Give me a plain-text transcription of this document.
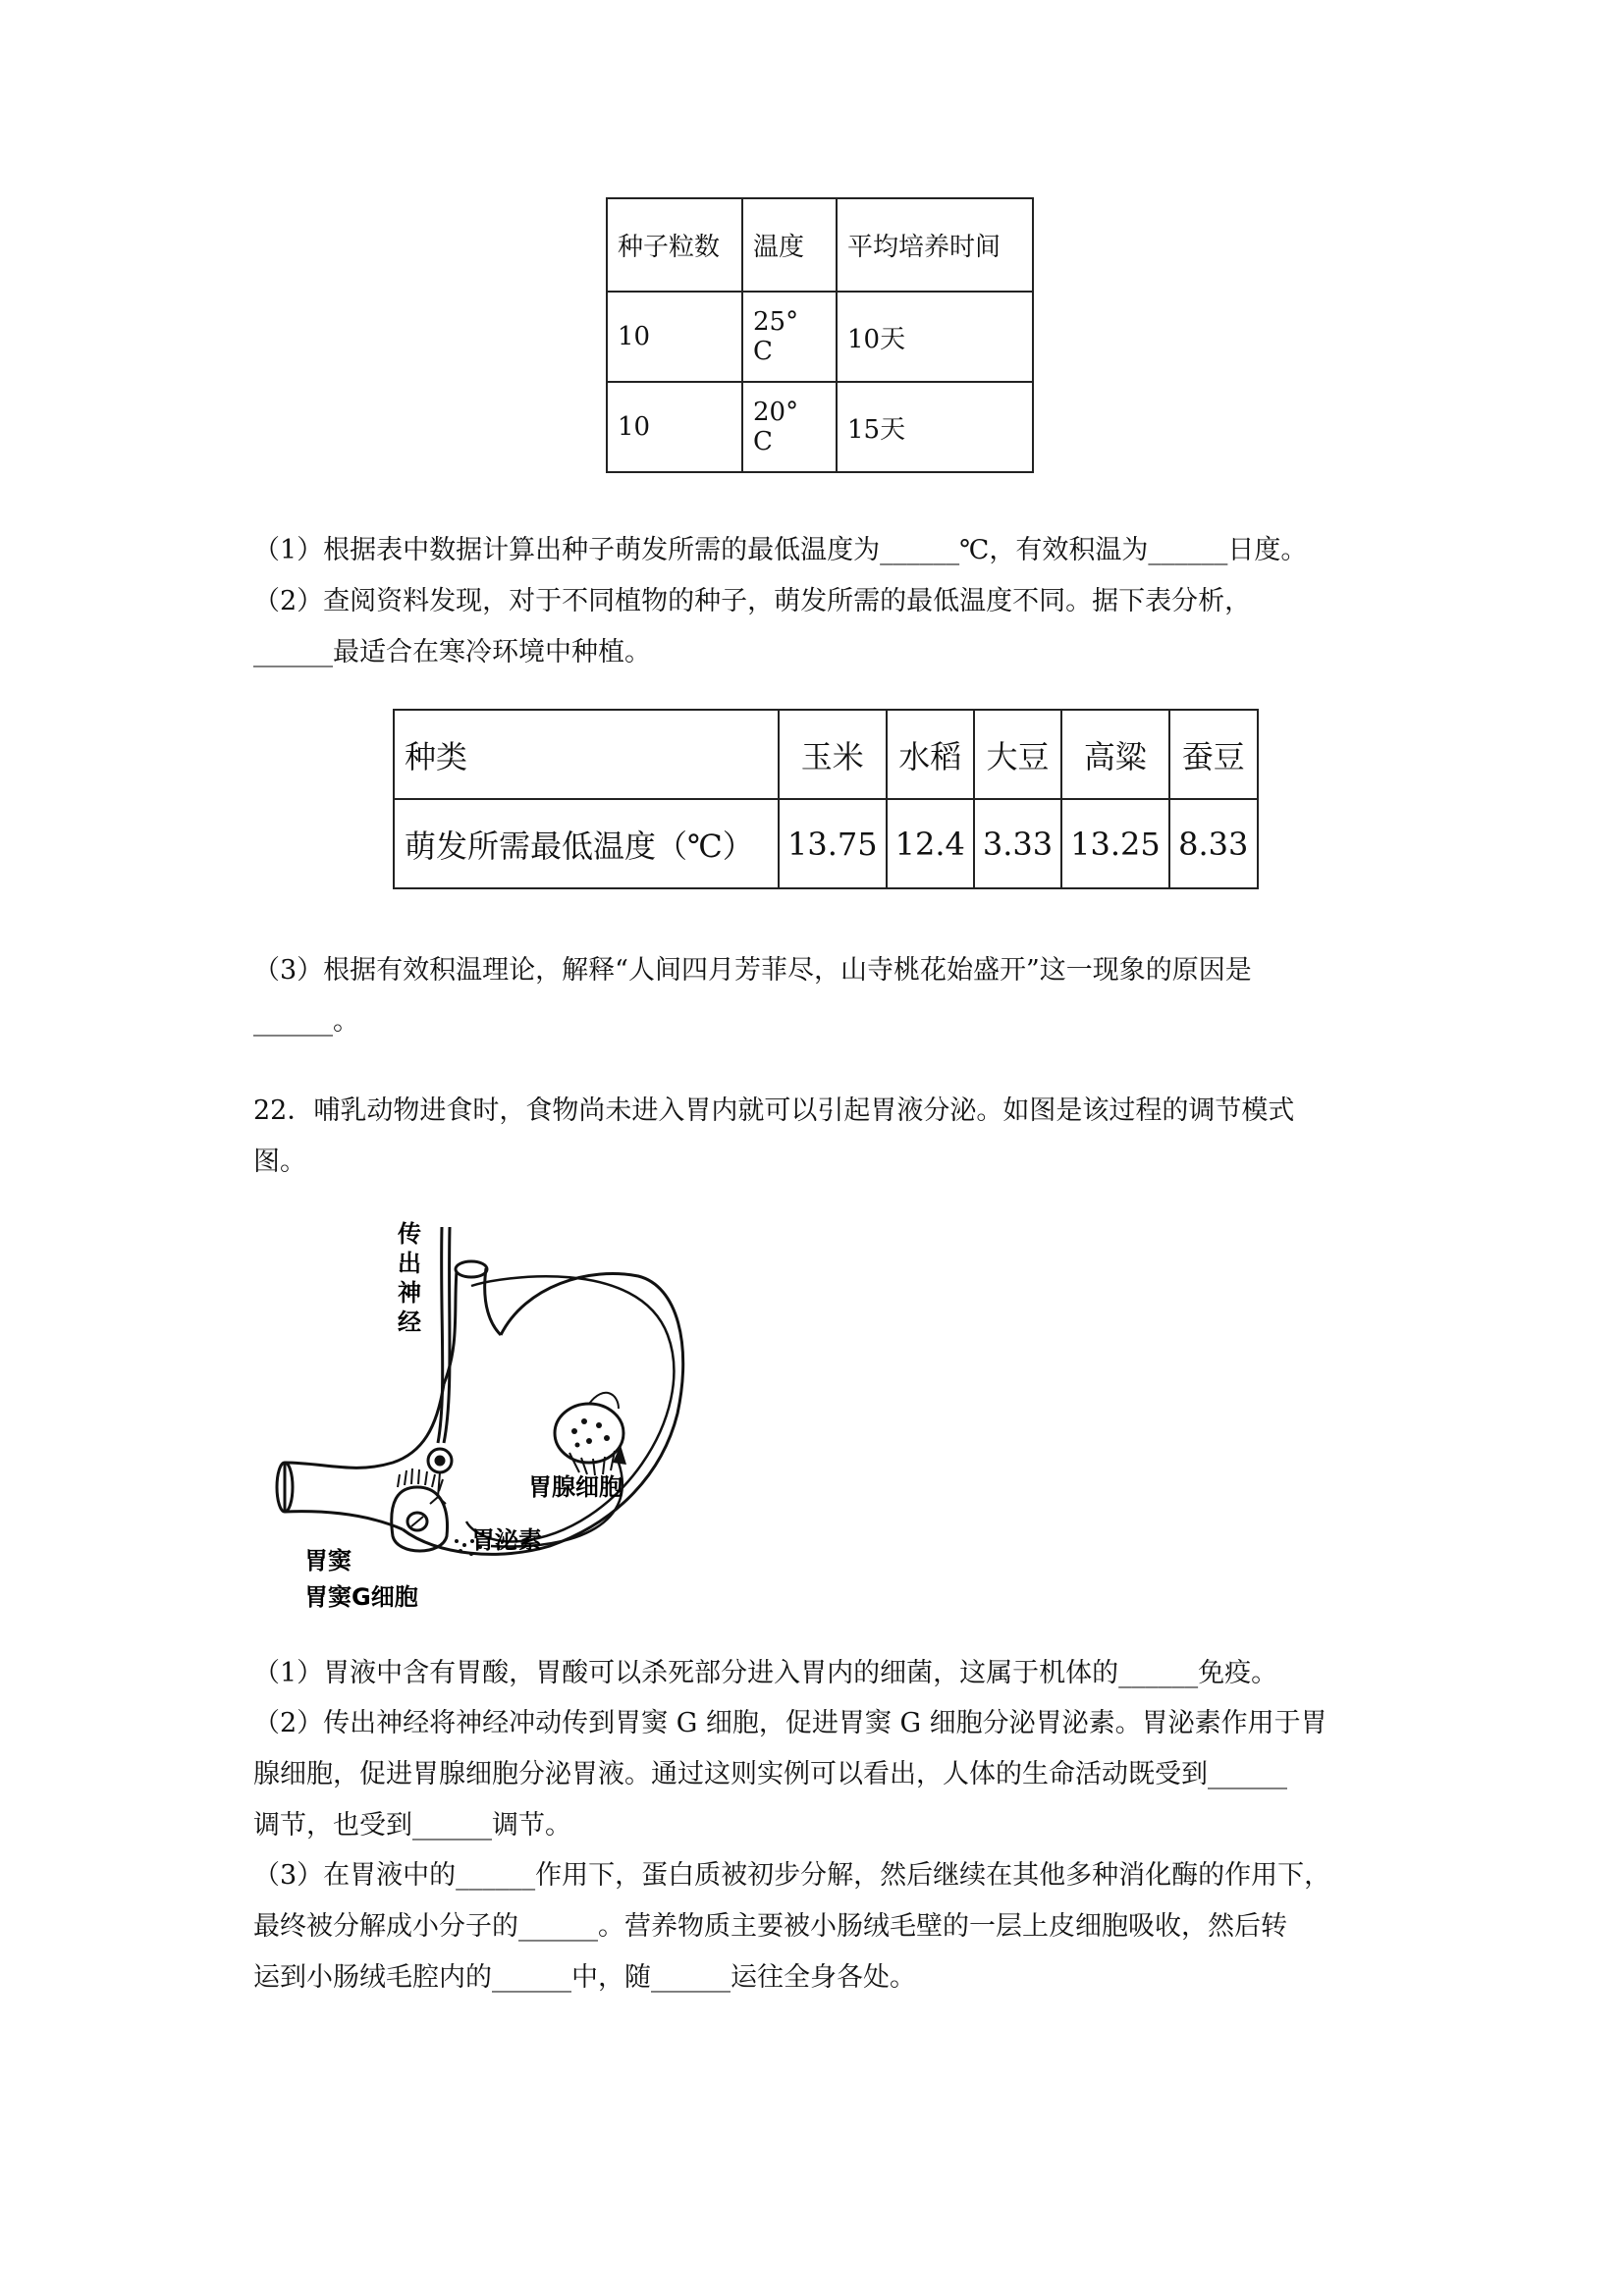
种子粒数	温度	平均培养时间
10	25° C	10天
10	20° C	15天
（1）根据表中数据计算出种子萌发所需的最低温度为______℃，有效积温为______日度。
（2）查阅资料发现，对于不同植物的种子，萌发所需的最低温度不同。据下表分析，
______最适合在寒冷环境中种植。
种类	玉米	水稻	大豆	高粱	蚕豆
萌发所需最低温度（℃）	13.75	12.4	3.33	13.25	8.33
（3）根据有效积温理论，解释“人间四月芳菲尽，山寺桃花始盛开”这一现象的原因是
______。
22．哺乳动物进食时，食物尚未进入胃内就可以引起胃液分泌。如图是该过程的调节模式
图。
传
出
神
经
胃腺细胞
胃窦
胃泌素
胃窦G细胞
（1）胃液中含有胃酸，胃酸可以杀死部分进入胃内的细菌，这属于机体的______免疫。
（2）传出神经将神经冲动传到胃窦 G 细胞，促进胃窦 G 细胞分泌胃泌素。胃泌素作用于胃
腺细胞，促进胃腺细胞分泌胃液。通过这则实例可以看出，人体的生命活动既受到______
调节，也受到______调节。
（3）在胃液中的______作用下，蛋白质被初步分解，然后继续在其他多种消化酶的作用下，
最终被分解成小分子的______。营养物质主要被小肠绒毛壁的一层上皮细胞吸收，然后转
运到小肠绒毛腔内的______中，随______运往全身各处。
